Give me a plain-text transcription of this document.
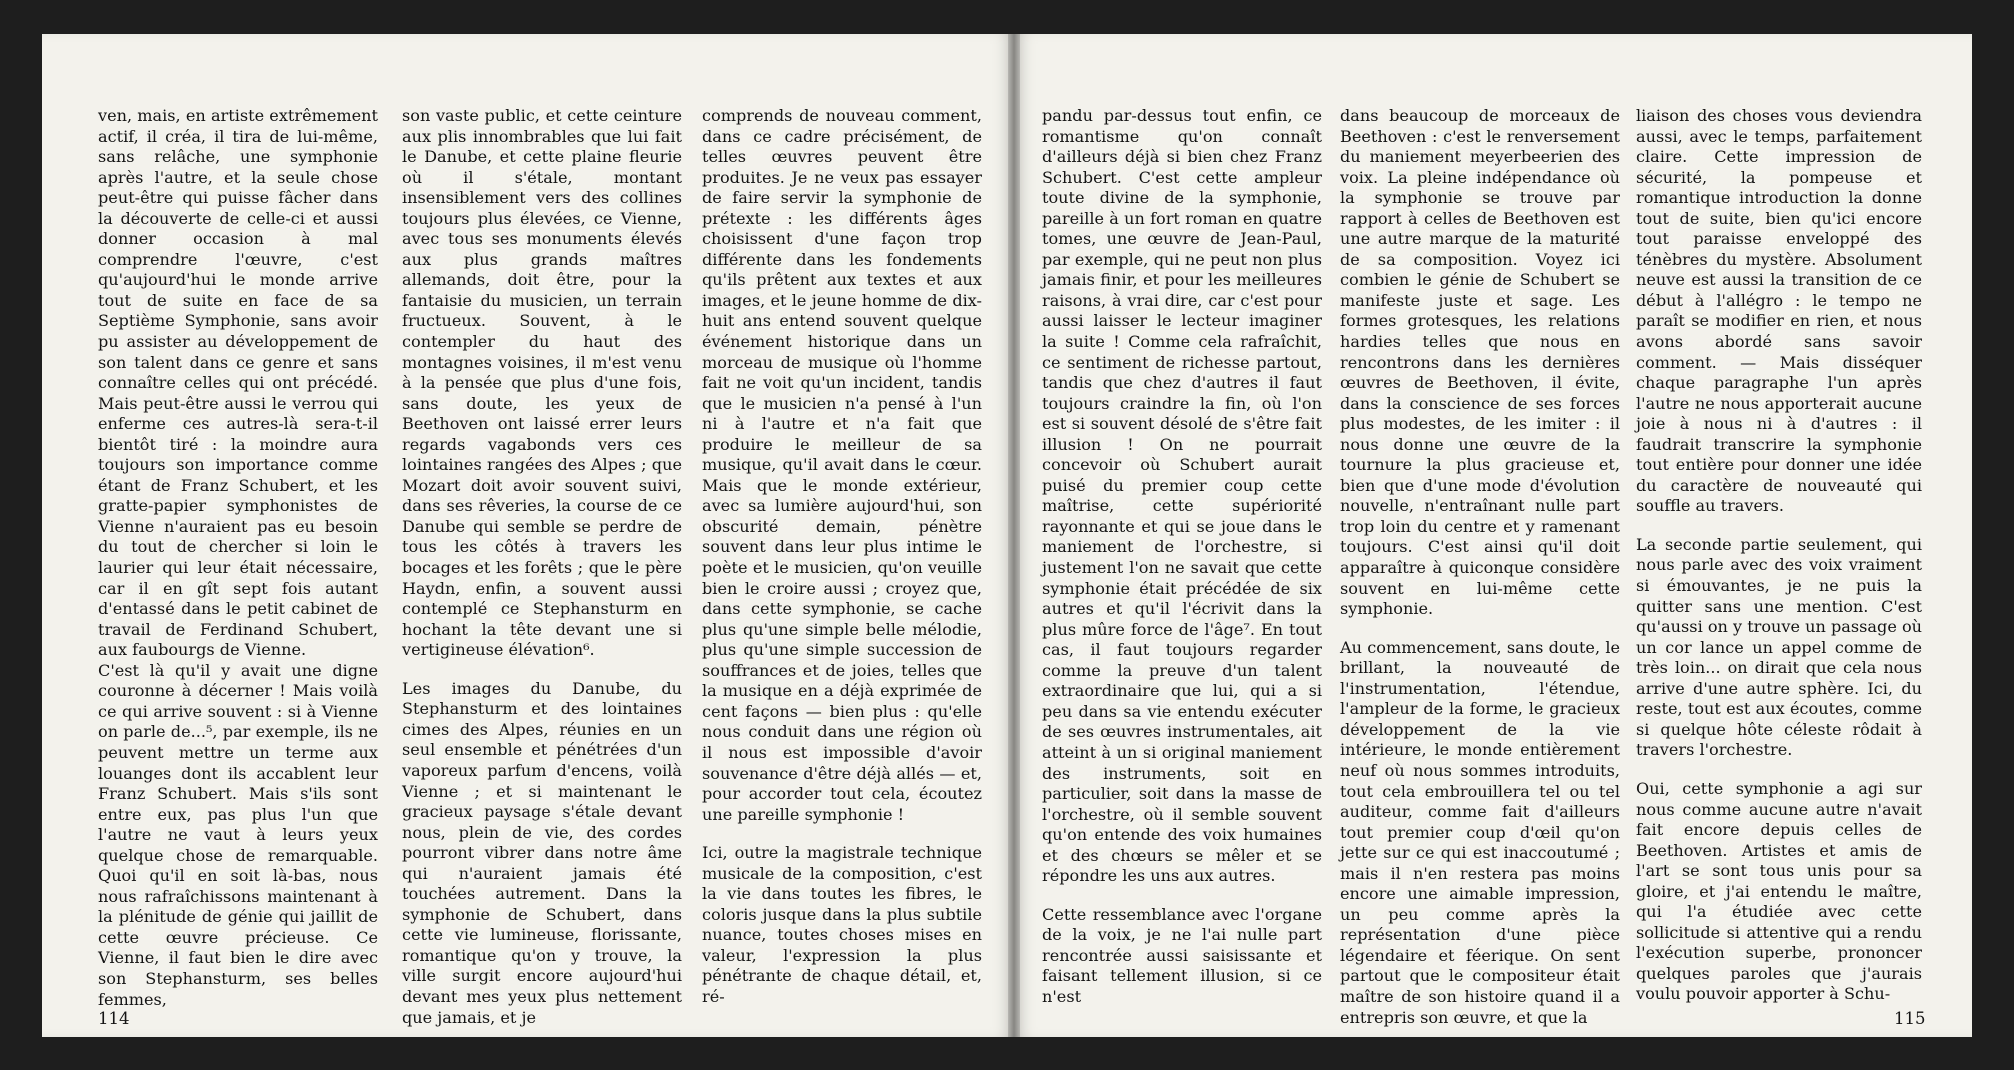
ven, mais, en artiste extrêmement actif, il créa, il tira de lui-même, sans relâche, une symphonie après l'autre, et la seule chose peut-être qui puisse fâcher dans la découverte de celle-ci et aussi donner occasion à mal comprendre l'œuvre, c'est qu'aujourd'hui le monde arrive tout de suite en face de sa Septième Symphonie, sans avoir pu assister au développement de son talent dans ce genre et sans connaître celles qui ont précédé. Mais peut-être aussi le verrou qui enferme ces autres-là sera-t-il bientôt tiré : la moindre aura toujours son importance comme étant de Franz Schubert, et les gratte-papier symphonistes de Vienne n'auraient pas eu besoin du tout de chercher si loin le laurier qui leur était nécessaire, car il en gît sept fois autant d'entassé dans le petit cabinet de travail de Ferdinand Schubert, aux faubourgs de Vienne.

C'est là qu'il y avait une digne couronne à décerner ! Mais voilà ce qui arrive souvent : si à Vienne on parle de...⁵, par exemple, ils ne peuvent mettre un terme aux louanges dont ils accablent leur Franz Schubert. Mais s'ils sont entre eux, pas plus l'un que l'autre ne vaut à leurs yeux quelque chose de remarquable. Quoi qu'il en soit là-bas, nous nous rafraîchissons maintenant à la plénitude de génie qui jaillit de cette œuvre précieuse. Ce Vienne, il faut bien le dire avec son Stephansturm, ses belles femmes,

son vaste public, et cette ceinture aux plis innombrables que lui fait le Danube, et cette plaine fleurie où il s'étale, montant insensiblement vers des collines toujours plus élevées, ce Vienne, avec tous ses monuments élevés aux plus grands maîtres allemands, doit être, pour la fantaisie du musicien, un terrain fructueux. Souvent, à le contempler du haut des montagnes voisines, il m'est venu à la pensée que plus d'une fois, sans doute, les yeux de Beethoven ont laissé errer leurs regards vagabonds vers ces lointaines rangées des Alpes ; que Mozart doit avoir souvent suivi, dans ses rêveries, la course de ce Danube qui semble se perdre de tous les côtés à travers les bocages et les forêts ; que le père Haydn, enfin, a souvent aussi contemplé ce Stephansturm en hochant la tête devant une si vertigineuse élévation⁶.

Les images du Danube, du Stephansturm et des lointaines cimes des Alpes, réunies en un seul ensemble et pénétrées d'un vaporeux parfum d'encens, voilà Vienne ; et si maintenant le gracieux paysage s'étale devant nous, plein de vie, des cordes pourront vibrer dans notre âme qui n'auraient jamais été touchées autrement. Dans la symphonie de Schubert, dans cette vie lumineuse, florissante, romantique qu'on y trouve, la ville surgit encore aujourd'hui devant mes yeux plus nettement que jamais, et je

comprends de nouveau comment, dans ce cadre précisément, de telles œuvres peuvent être produites. Je ne veux pas essayer de faire servir la symphonie de prétexte : les différents âges choisissent d'une façon trop différente dans les fondements qu'ils prêtent aux textes et aux images, et le jeune homme de dix-huit ans entend souvent quelque événement historique dans un morceau de musique où l'homme fait ne voit qu'un incident, tandis que le musicien n'a pensé à l'un ni à l'autre et n'a fait que produire le meilleur de sa musique, qu'il avait dans le cœur. Mais que le monde extérieur, avec sa lumière aujourd'hui, son obscurité demain, pénètre souvent dans leur plus intime le poète et le musicien, qu'on veuille bien le croire aussi ; croyez que, dans cette symphonie, se cache plus qu'une simple belle mélodie, plus qu'une simple succession de souffrances et de joies, telles que la musique en a déjà exprimée de cent façons — bien plus : qu'elle nous conduit dans une région où il nous est impossible d'avoir souvenance d'être déjà allés — et, pour accorder tout cela, écoutez une pareille symphonie !

Ici, outre la magistrale technique musicale de la composition, c'est la vie dans toutes les fibres, le coloris jusque dans la plus subtile nuance, toutes choses mises en valeur, l'expression la plus pénétrante de chaque détail, et, ré-

114

pandu par-dessus tout enfin, ce romantisme qu'on connaît d'ailleurs déjà si bien chez Franz Schubert. C'est cette ampleur toute divine de la symphonie, pareille à un fort roman en quatre tomes, une œuvre de Jean-Paul, par exemple, qui ne peut non plus jamais finir, et pour les meilleures raisons, à vrai dire, car c'est pour aussi laisser le lecteur imaginer la suite ! Comme cela rafraîchit, ce sentiment de richesse partout, tandis que chez d'autres il faut toujours craindre la fin, où l'on est si souvent désolé de s'être fait illusion ! On ne pourrait concevoir où Schubert aurait puisé du premier coup cette maîtrise, cette supériorité rayonnante et qui se joue dans le maniement de l'orchestre, si justement l'on ne savait que cette symphonie était précédée de six autres et qu'il l'écrivit dans la plus mûre force de l'âge⁷. En tout cas, il faut toujours regarder comme la preuve d'un talent extraordinaire que lui, qui a si peu dans sa vie entendu exécuter de ses œuvres instrumentales, ait atteint à un si original maniement des instruments, soit en particulier, soit dans la masse de l'orchestre, où il semble souvent qu'on entende des voix humaines et des chœurs se mêler et se répondre les uns aux autres.

Cette ressemblance avec l'organe de la voix, je ne l'ai nulle part rencontrée aussi saisissante et faisant tellement illusion, si ce n'est

dans beaucoup de morceaux de Beethoven : c'est le renversement du maniement meyerbeerien des voix. La pleine indépendance où la symphonie se trouve par rapport à celles de Beethoven est une autre marque de la maturité de sa composition. Voyez ici combien le génie de Schubert se manifeste juste et sage. Les formes grotesques, les relations hardies telles que nous en rencontrons dans les dernières œuvres de Beethoven, il évite, dans la conscience de ses forces plus modestes, de les imiter : il nous donne une œuvre de la tournure la plus gracieuse et, bien que d'une mode d'évolution nouvelle, n'entraînant nulle part trop loin du centre et y ramenant toujours. C'est ainsi qu'il doit apparaître à quiconque considère souvent en lui-même cette symphonie.

Au commencement, sans doute, le brillant, la nouveauté de l'instrumentation, l'étendue, l'ampleur de la forme, le gracieux développement de la vie intérieure, le monde entièrement neuf où nous sommes introduits, tout cela embrouillera tel ou tel auditeur, comme fait d'ailleurs tout premier coup d'œil qu'on jette sur ce qui est inaccoutumé ; mais il n'en restera pas moins encore une aimable impression, un peu comme après la représentation d'une pièce légendaire et féerique. On sent partout que le compositeur était maître de son histoire quand il a entrepris son œuvre, et que la

liaison des choses vous deviendra aussi, avec le temps, parfaitement claire. Cette impression de sécurité, la pompeuse et romantique introduction la donne tout de suite, bien qu'ici encore tout paraisse enveloppé des ténèbres du mystère. Absolument neuve est aussi la transition de ce début à l'allégro : le tempo ne paraît se modifier en rien, et nous avons abordé sans savoir comment. — Mais disséquer chaque paragraphe l'un après l'autre ne nous apporterait aucune joie à nous ni à d'autres : il faudrait transcrire la symphonie tout entière pour donner une idée du caractère de nouveauté qui souffle au travers.

La seconde partie seulement, qui nous parle avec des voix vraiment si émouvantes, je ne puis la quitter sans une mention. C'est qu'aussi on y trouve un passage où un cor lance un appel comme de très loin... on dirait que cela nous arrive d'une autre sphère. Ici, du reste, tout est aux écoutes, comme si quelque hôte céleste rôdait à travers l'orchestre.

Oui, cette symphonie a agi sur nous comme aucune autre n'avait fait encore depuis celles de Beethoven. Artistes et amis de l'art se sont tous unis pour sa gloire, et j'ai entendu le maître, qui l'a étudiée avec cette sollicitude si attentive qui a rendu l'exécution superbe, prononcer quelques paroles que j'aurais voulu pouvoir apporter à Schu-

115
